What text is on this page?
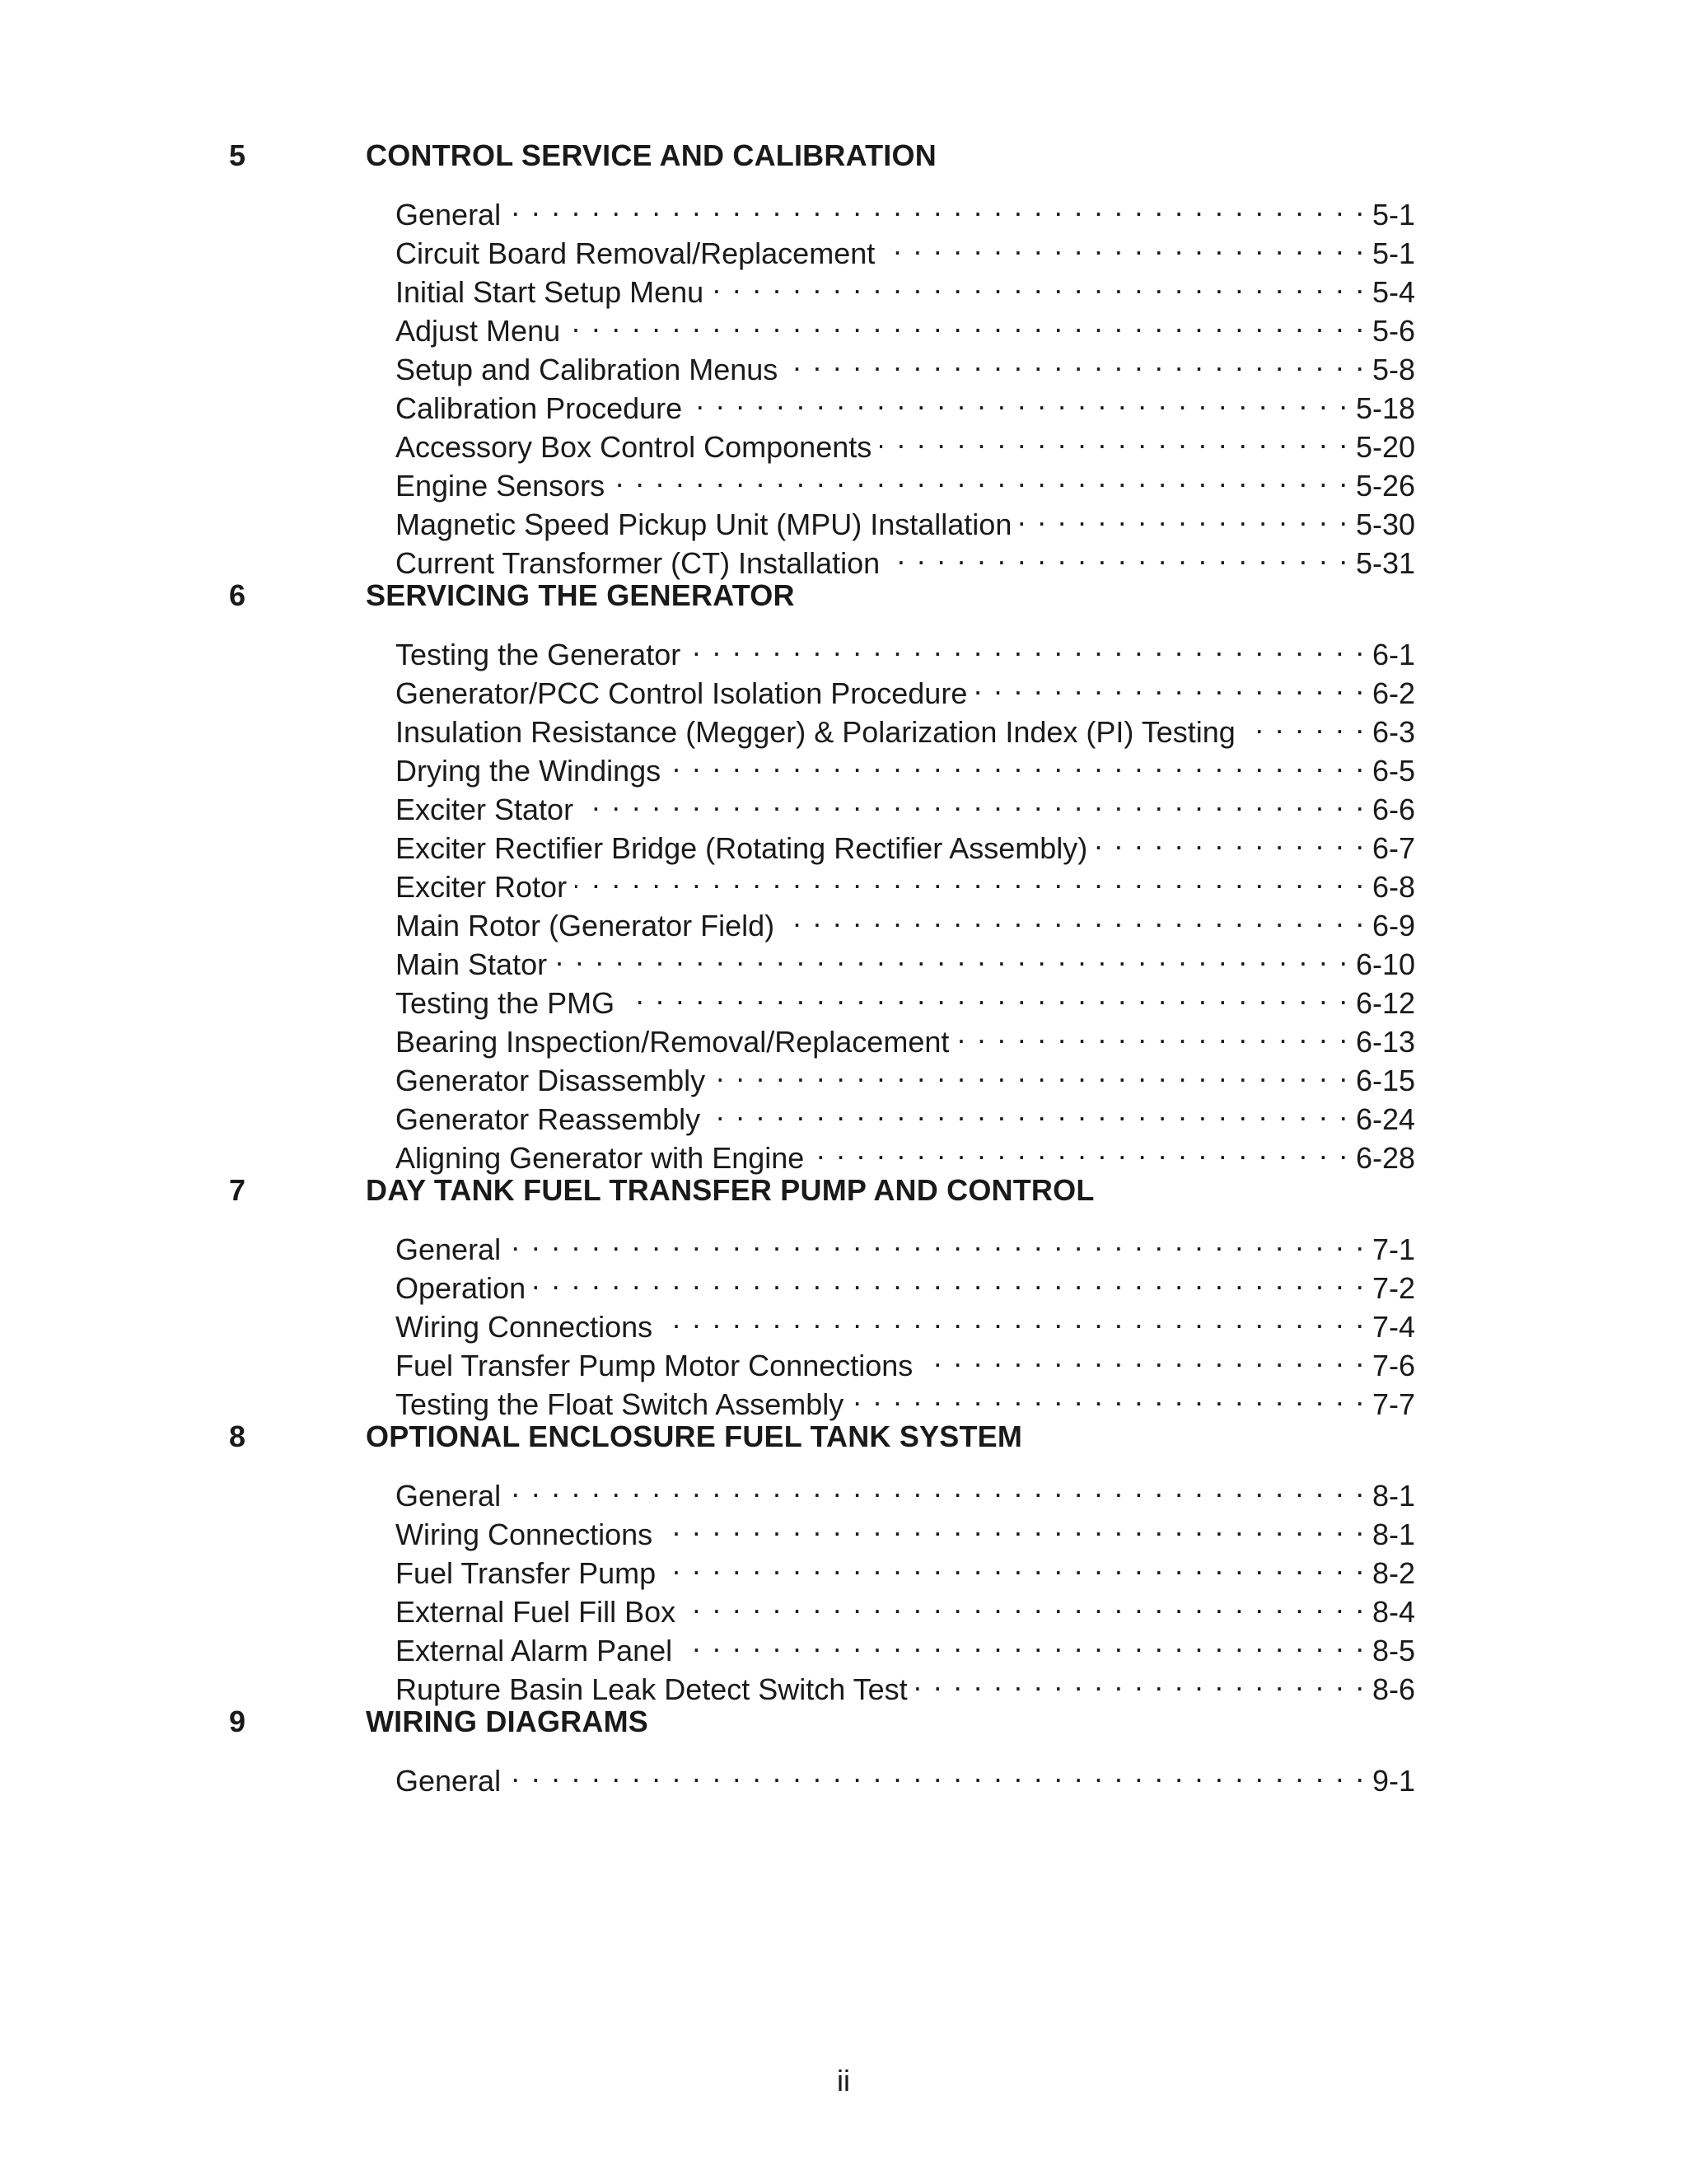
5	CONTROL SERVICE AND CALIBRATION
General . . .	5-1
Circuit Board Removal/Replacement . . .	5-1
Initial Start Setup Menu . . .	5-4
Adjust Menu . . .	5-6
Setup and Calibration Menus . . .	5-8
Calibration Procedure . . .	5-18
Accessory Box Control Components . . .	5-20
Engine Sensors . . .	5-26
Magnetic Speed Pickup Unit (MPU) Installation . . .	5-30
Current Transformer (CT) Installation . . .	5-31
6	SERVICING THE GENERATOR
Testing the Generator . . .	6-1
Generator/PCC Control Isolation Procedure . . .	6-2
Insulation Resistance (Megger) & Polarization Index (PI) Testing . . .	6-3
Drying the Windings . . .	6-5
Exciter Stator . . .	6-6
Exciter Rectifier Bridge (Rotating Rectifier Assembly) . . .	6-7
Exciter Rotor . . .	6-8
Main Rotor (Generator Field) . . .	6-9
Main Stator . . .	6-10
Testing the PMG . . .	6-12
Bearing Inspection/Removal/Replacement . . .	6-13
Generator Disassembly . . .	6-15
Generator Reassembly . . .	6-24
Aligning Generator with Engine . . .	6-28
7	DAY TANK FUEL TRANSFER PUMP AND CONTROL
General . . .	7-1
Operation . . .	7-2
Wiring Connections . . .	7-4
Fuel Transfer Pump Motor Connections . . .	7-6
Testing the Float Switch Assembly . . .	7-7
8	OPTIONAL ENCLOSURE FUEL TANK SYSTEM
General . . .	8-1
Wiring Connections . . .	8-1
Fuel Transfer Pump . . .	8-2
External Fuel Fill Box . . .	8-4
External Alarm Panel . . .	8-5
Rupture Basin Leak Detect Switch Test . . .	8-6
9	WIRING DIAGRAMS
General . . .	9-1
ii
